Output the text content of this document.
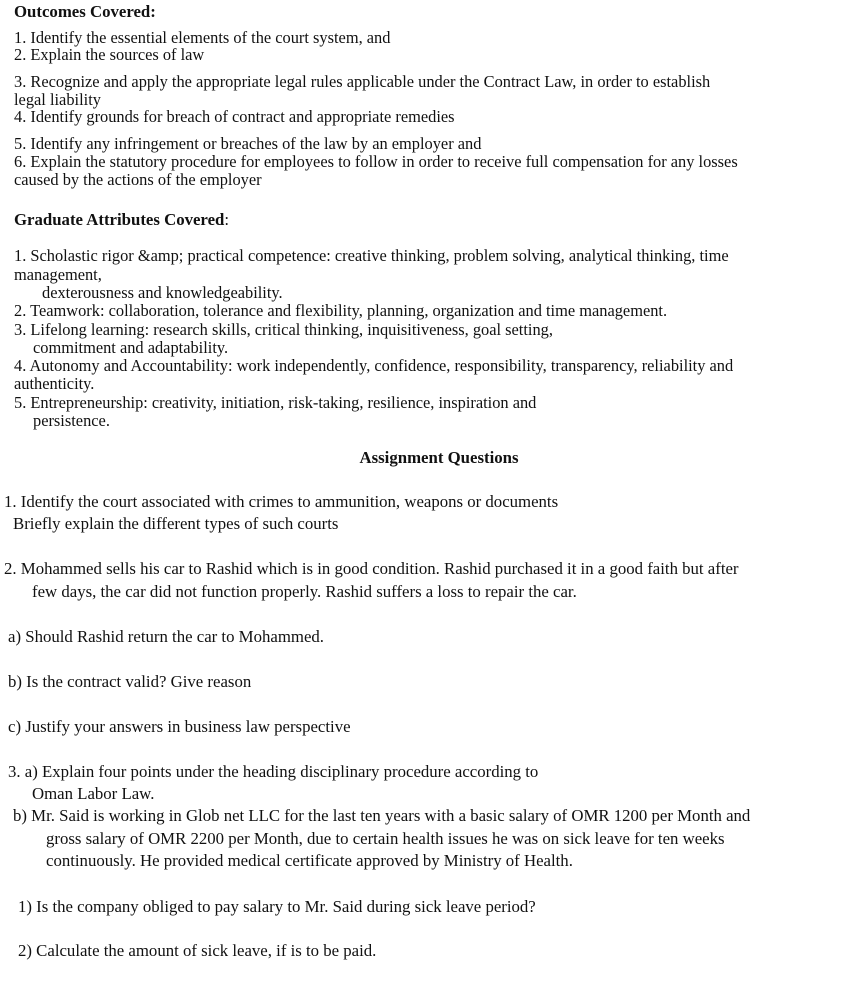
Outcomes Covered:
1. Identify the essential elements of the court system, and
2. Explain the sources of law
3. Recognize and apply the appropriate legal rules applicable under the Contract Law, in order to establish
legal liability
4. Identify grounds for breach of contract and appropriate remedies
5. Identify any infringement or breaches of the law by an employer and
6. Explain the statutory procedure for employees to follow in order to receive full compensation for any losses
caused by the actions of the employer
Graduate Attributes Covered:
1. Scholastic rigor &amp; practical competence: creative thinking, problem solving, analytical thinking, time
management,
dexterousness and knowledgeability.
2. Teamwork: collaboration, tolerance and flexibility, planning, organization and time management.
3. Lifelong learning: research skills, critical thinking, inquisitiveness, goal setting,
commitment and adaptability.
4. Autonomy and Accountability: work independently, confidence, responsibility, transparency, reliability and
authenticity.
5. Entrepreneurship: creativity, initiation, risk-taking, resilience, inspiration and
persistence.
Assignment Questions
1. Identify the court associated with crimes to ammunition, weapons or documents
Briefly explain the different types of such courts
2. Mohammed sells his car to Rashid which is in good condition. Rashid purchased it in a good faith but after
few days, the car did not function properly. Rashid suffers a loss to repair the car.
a) Should Rashid return the car to Mohammed.
b) Is the contract valid? Give reason
c) Justify your answers in business law perspective
3. a) Explain four points under the heading disciplinary procedure according to
Oman Labor Law.
b) Mr. Said is working in Glob net LLC for the last ten years with a basic salary of OMR 1200 per Month and
gross salary of OMR 2200 per Month, due to certain health issues he was on sick leave for ten weeks
continuously. He provided medical certificate approved by Ministry of Health.
1) Is the company obliged to pay salary to Mr. Said during sick leave period?
2) Calculate the amount of sick leave, if is to be paid.
